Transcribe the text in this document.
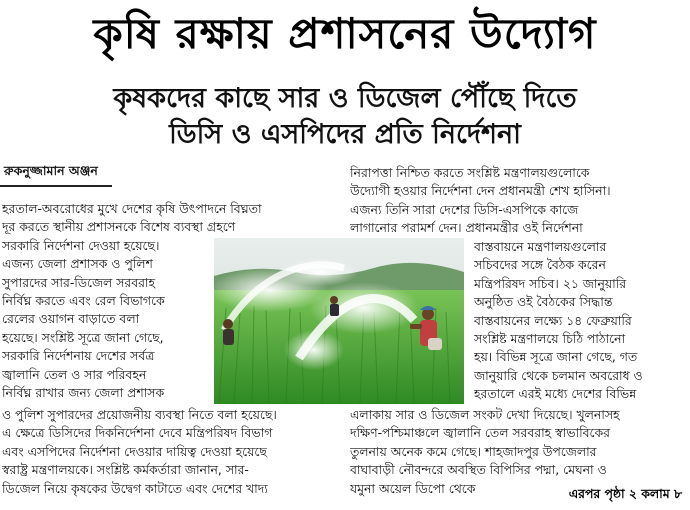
কৃষি রক্ষায় প্রশাসনের উদ্যোগ
কৃষকদের কাছে সার ও ডিজেল পৌঁছে দিতে
ডিসি ও এসপিদের প্রতি নির্দেশনা
রুকনুজ্জামান অঞ্জন
হরতাল-অবরোধের মুখে দেশের কৃষি উৎপাদনে বিঘ্নতা
দূর করতে স্থানীয় প্রশাসনকে বিশেষ ব্যবস্থা গ্রহণে
সরকারি নির্দেশনা দেওয়া হয়েছে।
এজন্য জেলা প্রশাসক ও পুলিশ
সুপারদের সার-ডিজেল সরবরাহ
নির্বিঘ্ন করতে এবং রেল বিভাগকে
রেলের ওয়াগন বাড়াতে বলা
হয়েছে। সংশ্লিষ্ট সূত্রে জানা গেছে,
সরকারি নির্দেশনায় দেশের সর্বত্র
জ্বালানি তেল ও সার পরিবহন
নির্বিঘ্ন রাখার জন্য জেলা প্রশাসক
ও পুলিশ সুপারদের প্রয়োজনীয় ব্যবস্থা নিতে বলা হয়েছে।
এ ক্ষেত্রে ডিসিদের দিকনির্দেশনা দেবে মন্ত্রিপরিষদ বিভাগ
এবং এসপিদের নির্দেশনা দেওয়ার দায়িত্ব দেওয়া হয়েছে
স্বরাষ্ট্র মন্ত্রণালয়কে। সংশ্লিষ্ট কর্মকর্তারা জানান, সার-
ডিজেল নিয়ে কৃষকের উদ্বেগ কাটাতে এবং দেশের খাদ্য
নিরাপত্তা নিশ্চিত করতে সংশ্লিষ্ট মন্ত্রণালয়গুলোকে
উদ্যোগী হওয়ার নির্দেশনা দেন প্রধানমন্ত্রী শেখ হাসিনা।
এজন্য তিনি সারা দেশের ডিসি-এসপিকে কাজে
লাগানোর পরামর্শ দেন। প্রধানমন্ত্রীর ওই নির্দেশনা
বাস্তবায়নে মন্ত্রণালয়গুলোর
সচিবদের সঙ্গে বৈঠক করেন
মন্ত্রিপরিষদ সচিব। ২১ জানুয়ারি
অনুষ্ঠিত ওই বৈঠকের সিদ্ধান্ত
বাস্তবায়নের লক্ষ্যে ১৪ ফেব্রুয়ারি
সংশ্লিষ্ট মন্ত্রণালয়ে চিঠি পাঠানো
হয়। বিভিন্ন সূত্রে জানা গেছে, গত
জানুয়ারি থেকে চলমান অবরোধ ও
হরতালে এরই মধ্যে দেশের বিভিন্ন
এলাকায় সার ও ডিজেল সংকট দেখা দিয়েছে। খুলনাসহ
দক্ষিণ-পশ্চিমাঞ্চলে জ্বালানি তেল সরবরাহ স্বাভাবিকের
তুলনায় অনেক কমে গেছে। শাহজাদপুর উপজেলার
বাঘাবাড়ী নৌবন্দরে অবস্থিত বিপিসির পদ্মা, মেঘনা ও
যমুনা অয়েল ডিপো থেকে	এরপর পৃষ্ঠা ২ কলাম ৮
